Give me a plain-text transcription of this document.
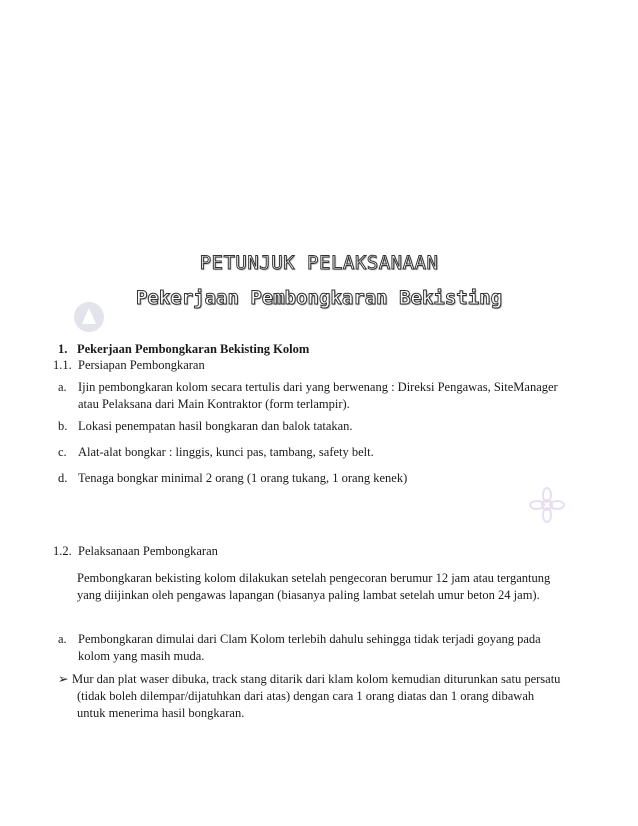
PETUNJUK PELAKSANAAN
Pekerjaan Pembongkaran Bekisting
1. Pekerjaan Pembongkaran Bekisting Kolom
1.1. Persiapan Pembongkaran
a. Ijin pembongkaran kolom secara tertulis dari yang berwenang : Direksi Pengawas, SiteManager
atau Pelaksana dari Main Kontraktor (form terlampir).
b. Lokasi penempatan hasil bongkaran dan balok tatakan.
c. Alat-alat bongkar : linggis, kunci pas, tambang, safety belt.
d. Tenaga bongkar minimal 2 orang (1 orang tukang, 1 orang kenek)
1.2. Pelaksanaan Pembongkaran
Pembongkaran bekisting kolom dilakukan setelah pengecoran berumur 12 jam atau tergantung
yang diijinkan oleh pengawas lapangan (biasanya paling lambat setelah umur beton 24 jam).
a. Pembongkaran dimulai dari Clam Kolom terlebih dahulu sehingga tidak terjadi goyang pada
kolom yang masih muda.
➢ Mur dan plat waser dibuka, track stang ditarik dari klam kolom kemudian diturunkan satu persatu
(tidak boleh dilempar/dijatuhkan dari atas) dengan cara 1 orang diatas dan 1 orang dibawah
untuk menerima hasil bongkaran.
